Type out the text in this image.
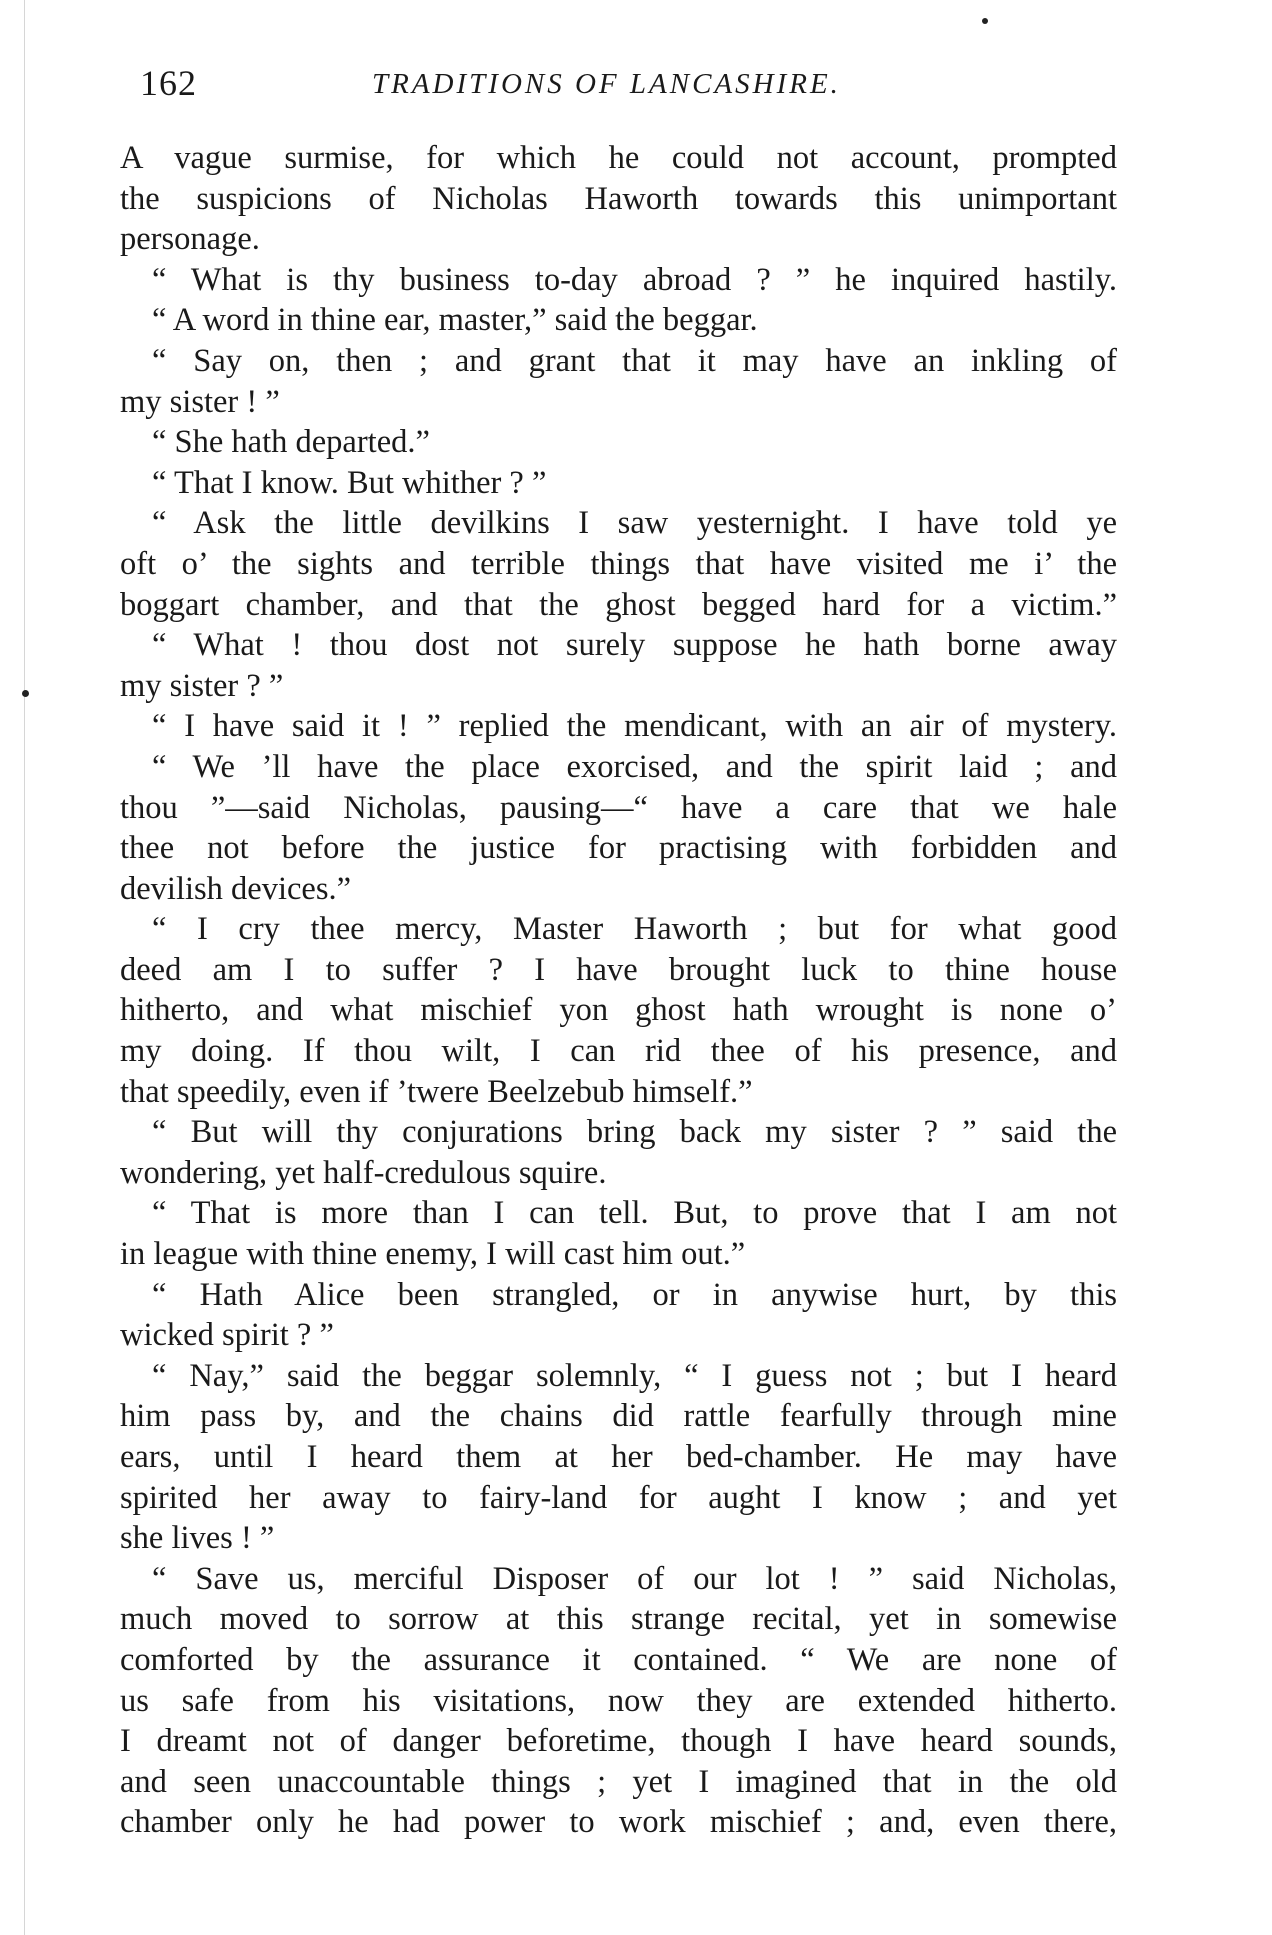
162	TRADITIONS OF LANCASHIRE.
A vague surmise, for which he could not account, prompted
the suspicions of Nicholas Haworth towards this unimportant
personage.
“ What is thy business to-day abroad ? ” he inquired hastily.
“ A word in thine ear, master,” said the beggar.
“ Say on, then ; and grant that it may have an inkling of
my sister ! ”
“ She hath departed.”
“ That I know. But whither ? ”
“ Ask the little devilkins I saw yesternight. I have told ye
oft o’ the sights and terrible things that have visited me i’ the
boggart chamber, and that the ghost begged hard for a victim.”
“ What ! thou dost not surely suppose he hath borne away
my sister ? ”
“ I have said it ! ” replied the mendicant, with an air of mystery.
“ We ’ll have the place exorcised, and the spirit laid ; and
thou ”—said Nicholas, pausing—“ have a care that we hale
thee not before the justice for practising with forbidden and
devilish devices.”
“ I cry thee mercy, Master Haworth ; but for what good
deed am I to suffer ? I have brought luck to thine house
hitherto, and what mischief yon ghost hath wrought is none o’
my doing. If thou wilt, I can rid thee of his presence, and
that speedily, even if ’twere Beelzebub himself.”
“ But will thy conjurations bring back my sister ? ” said the
wondering, yet half-credulous squire.
“ That is more than I can tell. But, to prove that I am not
in league with thine enemy, I will cast him out.”
“ Hath Alice been strangled, or in anywise hurt, by this
wicked spirit ? ”
“ Nay,” said the beggar solemnly, “ I guess not ; but I heard
him pass by, and the chains did rattle fearfully through mine
ears, until I heard them at her bed-chamber. He may have
spirited her away to fairy-land for aught I know ; and yet
she lives ! ”
“ Save us, merciful Disposer of our lot ! ” said Nicholas,
much moved to sorrow at this strange recital, yet in somewise
comforted by the assurance it contained. “ We are none of
us safe from his visitations, now they are extended hitherto.
I dreamt not of danger beforetime, though I have heard sounds,
and seen unaccountable things ; yet I imagined that in the old
chamber only he had power to work mischief ; and, even there,
